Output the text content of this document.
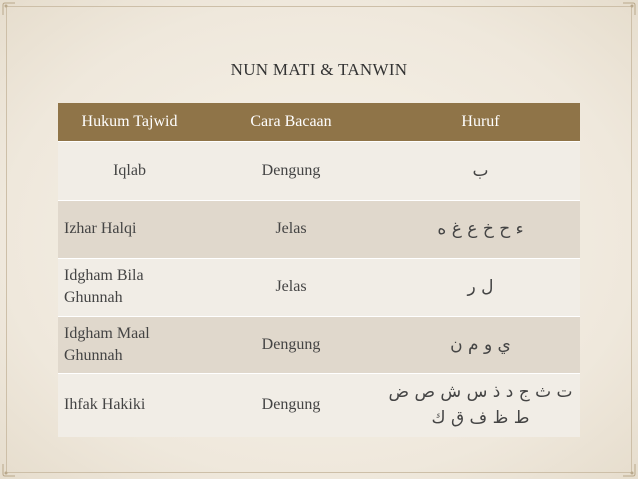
NUN MATI & TANWIN
Hukum Tajwid	Cara Bacaan	Huruf
Iqlab	Dengung	ب
Izhar Halqi	Jelas	ء ح خ ع غ ه
Idgham Bila Ghunnah	Jelas	ل ر
Idgham Maal Ghunnah	Dengung	ي و م ن
Ihfak Hakiki	Dengung	ت ث ج د ذ س ش ص ض ط ظ ف ق ك
